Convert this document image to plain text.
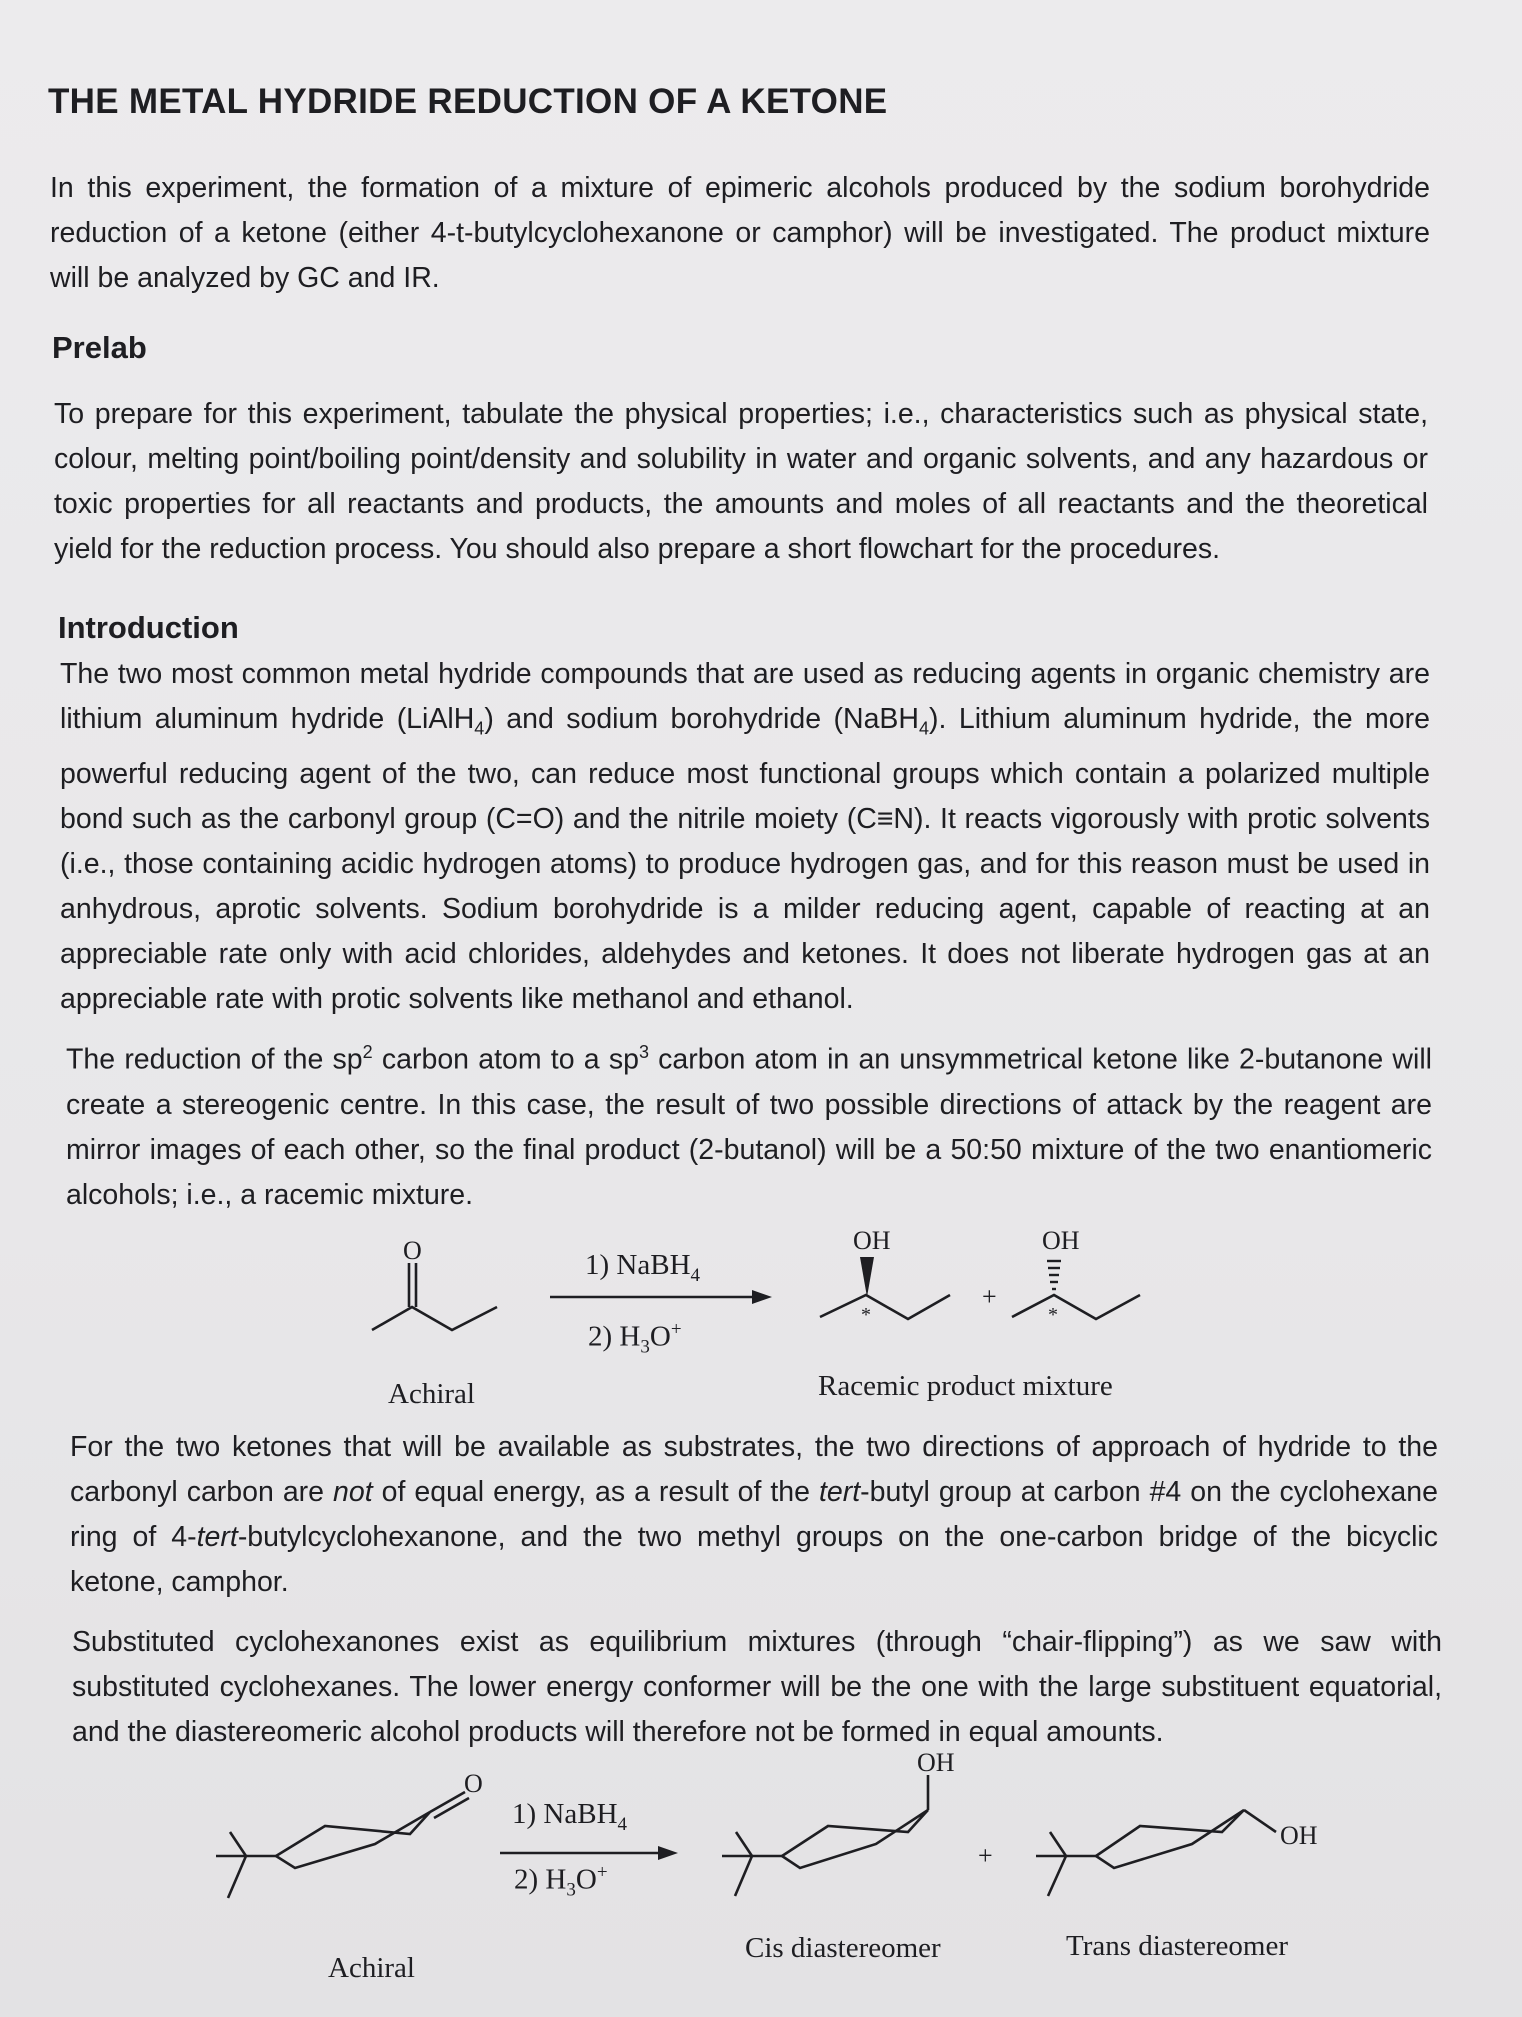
THE METAL HYDRIDE REDUCTION OF A KETONE

In this experiment, the formation of a mixture of epimeric alcohols produced by the sodium borohydride reduction of a ketone (either 4-t-butylcyclohexanone or camphor) will be investigated. The product mixture will be analyzed by GC and IR.

Prelab

To prepare for this experiment, tabulate the physical properties; i.e., characteristics such as physical state, colour, melting point/boiling point/density and solubility in water and organic solvents, and any hazardous or toxic properties for all reactants and products, the amounts and moles of all reactants and the theoretical yield for the reduction process. You should also prepare a short flowchart for the procedures.

Introduction

The two most common metal hydride compounds that are used as reducing agents in organic chemistry are lithium aluminum hydride (LiAlH$_4$) and sodium borohydride (NaBH$_4$). Lithium aluminum hydride, the more powerful reducing agent of the two, can reduce most functional groups which contain a polarized multiple bond such as the carbonyl group (C=O) and the nitrile moiety (C≡N). It reacts vigorously with protic solvents (i.e., those containing acidic hydrogen atoms) to produce hydrogen gas, and for this reason must be used in anhydrous, aprotic solvents. Sodium borohydride is a milder reducing agent, capable of reacting at an appreciable rate only with acid chlorides, aldehydes and ketones. It does not liberate hydrogen gas at an appreciable rate with protic solvents like methanol and ethanol.

The reduction of the $sp^2$ carbon atom to a $sp^3$ carbon atom in an unsymmetrical ketone like 2-butanone will create a stereogenic centre. In this case, the result of two possible directions of attack by the reagent are mirror images of each other, so the final product (2-butanol) will be a 50:50 mixture of the two enantiomeric alcohols; i.e., a racemic mixture.

O	OH
*
+
OH
*
1) NaBH$_4$
2) $H_3O^+$
Achiral	Racemic product mixture

For the two ketones that will be available as substrates, the two directions of approach of hydride to the carbonyl carbon are not of equal energy, as a result of the tert-butyl group at carbon #4 on the cyclohexane ring of 4-tert-butylcyclohexanone, and the two methyl groups on the one-carbon bridge of the bicyclic ketone, camphor.

Substituted cyclohexanones exist as equilibrium mixtures (through “chair-flipping”) as we saw with substituted cyclohexanes. The lower energy conformer will be the one with the large substituent equatorial, and the diastereomeric alcohol products will therefore not be formed in equal amounts.

O
OH
+
OH
1) NaBH$_4$
2) $H_3O^+$
Achiral
Cis diastereomer	Trans diastereomer
